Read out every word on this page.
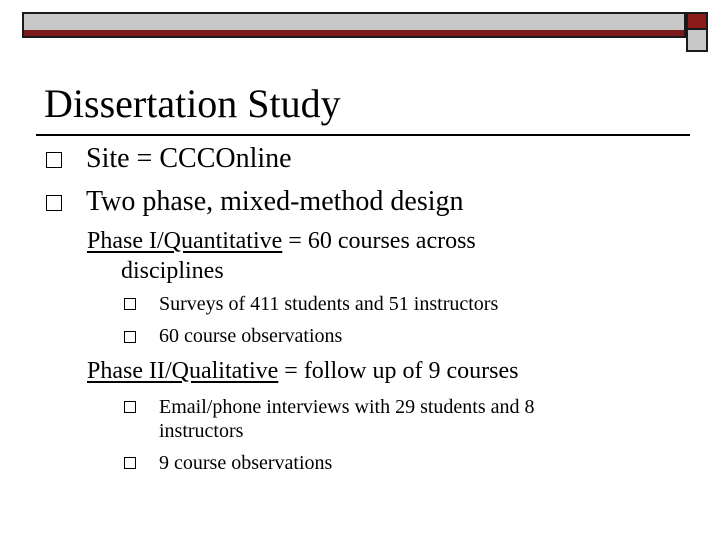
Dissertation Study
Site = CCCOnline
Two phase, mixed-method design
Phase I/Quantitative = 60 courses across
disciplines
Surveys of 411 students and 51 instructors
60 course observations
Phase II/Qualitative = follow up of 9 courses
Email/phone interviews with 29 students and 8
instructors
9 course observations
